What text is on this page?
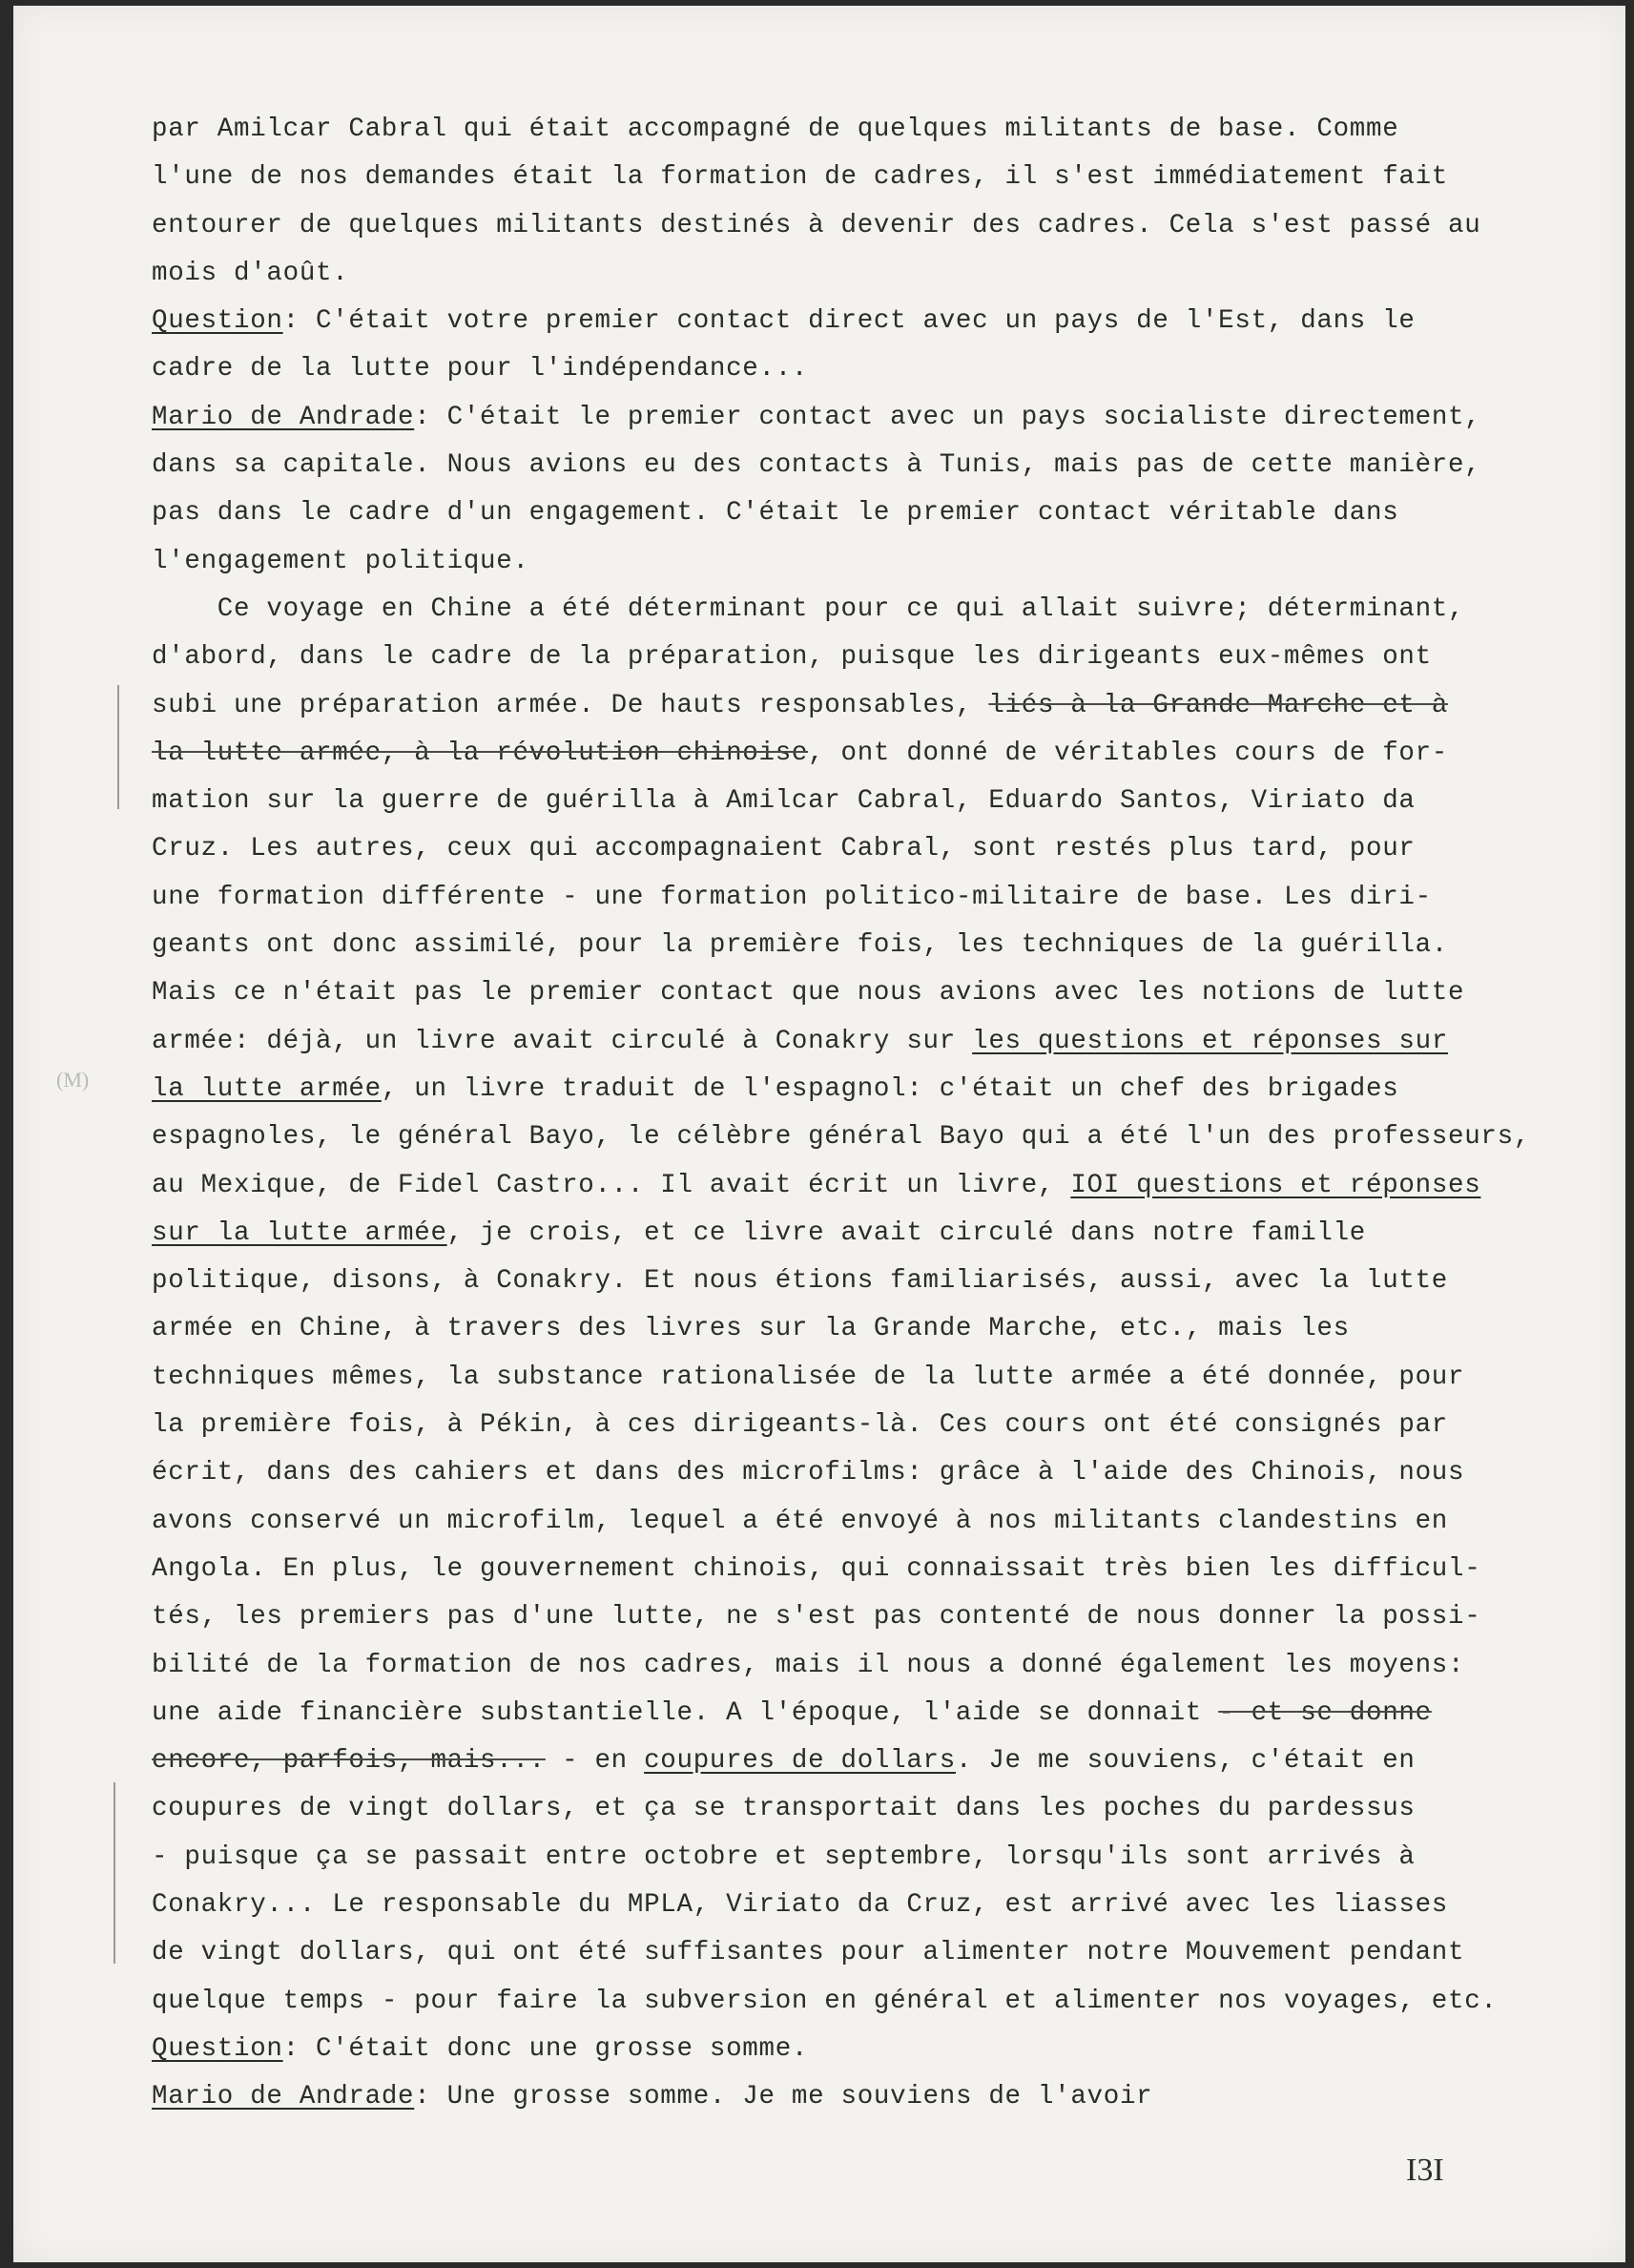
(M)
par Amilcar Cabral qui était accompagné de quelques militants de base. Comme
l'une de nos demandes était la formation de cadres, il s'est immédiatement fait
entourer de quelques militants destinés à devenir des cadres. Cela s'est passé au
mois d'août.
Question: C'était votre premier contact direct avec un pays de l'Est, dans le
cadre de la lutte pour l'indépendance...
Mario de Andrade: C'était le premier contact avec un pays socialiste directement,
dans sa capitale. Nous avions eu des contacts à Tunis, mais pas de cette manière,
pas dans le cadre d'un engagement. C'était le premier contact véritable dans
l'engagement politique.
Ce voyage en Chine a été déterminant pour ce qui allait suivre; déterminant,
d'abord, dans le cadre de la préparation, puisque les dirigeants eux-mêmes ont
subi une préparation armée. De hauts responsables, liés à la Grande Marche et à
la lutte armée, à la révolution chinoise, ont donné de véritables cours de for-
mation sur la guerre de guérilla à Amilcar Cabral, Eduardo Santos, Viriato da
Cruz. Les autres, ceux qui accompagnaient Cabral, sont restés plus tard, pour
une formation différente - une formation politico-militaire de base. Les diri-
geants ont donc assimilé, pour la première fois, les techniques de la guérilla.
Mais ce n'était pas le premier contact que nous avions avec les notions de lutte
armée: déjà, un livre avait circulé à Conakry sur les questions et réponses sur
la lutte armée, un livre traduit de l'espagnol: c'était un chef des brigades
espagnoles, le général Bayo, le célèbre général Bayo qui a été l'un des professeurs,
au Mexique, de Fidel Castro... Il avait écrit un livre, IOI questions et réponses
sur la lutte armée, je crois, et ce livre avait circulé dans notre famille
politique, disons, à Conakry. Et nous étions familiarisés, aussi, avec la lutte
armée en Chine, à travers des livres sur la Grande Marche, etc., mais les
techniques mêmes, la substance rationalisée de la lutte armée a été donnée, pour
la première fois, à Pékin, à ces dirigeants-là. Ces cours ont été consignés par
écrit, dans des cahiers et dans des microfilms: grâce à l'aide des Chinois, nous
avons conservé un microfilm, lequel a été envoyé à nos militants clandestins en
Angola. En plus, le gouvernement chinois, qui connaissait très bien les difficul-
tés, les premiers pas d'une lutte, ne s'est pas contenté de nous donner la possi-
bilité de la formation de nos cadres, mais il nous a donné également les moyens:
une aide financière substantielle. A l'époque, l'aide se donnait - et se donne
encore, parfois, mais... - en coupures de dollars. Je me souviens, c'était en
coupures de vingt dollars, et ça se transportait dans les poches du pardessus
- puisque ça se passait entre octobre et septembre, lorsqu'ils sont arrivés à
Conakry... Le responsable du MPLA, Viriato da Cruz, est arrivé avec les liasses
de vingt dollars, qui ont été suffisantes pour alimenter notre Mouvement pendant
quelque temps - pour faire la subversion en général et alimenter nos voyages, etc.
Question: C'était donc une grosse somme.
Mario de Andrade: Une grosse somme. Je me souviens de l'avoir
I3I
